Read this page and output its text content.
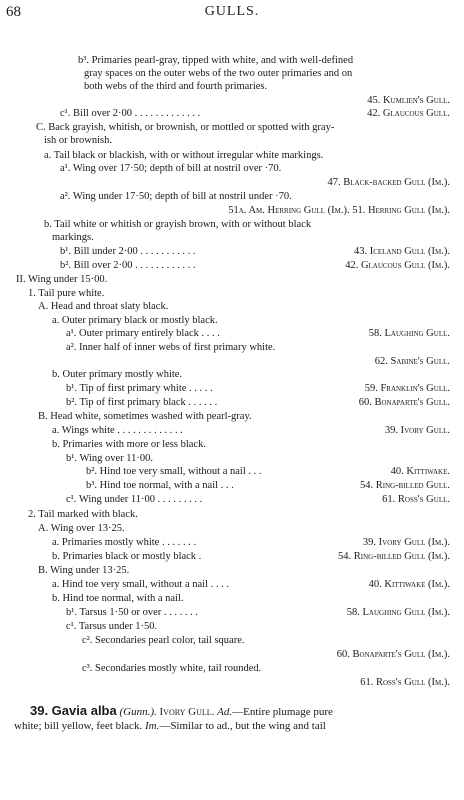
68	GULLS.
b³. Primaries pearl-gray, tipped with white, and with well-defined
gray spaces on the outer webs of the two outer primaries and on
both webs of the third and fourth primaries.
c¹. Bill over 2·00 . . . . . . . . . . . . .
C. Back grayish, whitish, or brownish, or mottled or spotted with gray-
ish or brownish.
a. Tail black or blackish, with or without irregular white markings.
a¹. Wing over 17·50; depth of bill at nostril over ·70.
a². Wing under 17·50; depth of bill at nostril under ·70.
b. Tail white or whitish or grayish brown, with or without black
markings.
b¹. Bill under 2·00 . . . . . . . . . . .
b². Bill over 2·00 . . . . . . . . . . . .
II. Wing under 15·00.
1. Tail pure white.
A. Head and throat slaty black.
a. Outer primary black or mostly black.
a¹. Outer primary entirely black . . . .
a². Inner half of inner webs of first primary white.
b. Outer primary mostly white.
b¹. Tip of first primary white . . . . .
b². Tip of first primary black . . . . . .
B. Head white, sometimes washed with pearl-gray.
a. Wings white . . . . . . . . . . . . .
b. Primaries with more or less black.
b¹. Wing over 11·00.
b². Hind toe very small, without a nail . . .
b³. Hind toe normal, with a nail . . .
c¹. Wing under 11·00 . . . . . . . . .
2. Tail marked with black.
A. Wing over 13·25.
a. Primaries mostly white . . . . . . .
b. Primaries black or mostly black .
B. Wing under 13·25.
a. Hind toe very small, without a nail . . . .
b. Hind toe normal, with a nail.
b¹. Tarsus 1·50 or over . . . . . . .
c¹. Tarsus under 1·50.
c². Secondaries pearl color, tail square.
c³. Secondaries mostly white, tail rounded.
45. Kumlien's Gull.
42. Glaucous Gull.
47. Black-backed Gull (Im.).
51a. Am. Herring Gull (Im.). 51. Herring Gull (Im.).
43. Iceland Gull (Im.).
42. Glaucous Gull (Im.).
58. Laughing Gull.
62. Sabine's Gull.
59. Franklin's Gull.
60. Bonaparte's Gull.
39. Ivory Gull.
40. Kittiwake.
54. Ring-billed Gull.
61. Ross's Gull.
39. Ivory Gull (Im.).
54. Ring-billed Gull (Im.).
40. Kittiwake (Im.).
58. Laughing Gull (Im.).
60. Bonaparte's Gull (Im.).
61. Ross's Gull (Im.).
39. Gavia alba (Gunn.). Ivory Gull. Ad.—Entire plumage pure
white; bill yellow, feet black. Im.—Similar to ad., but the wing and tail
